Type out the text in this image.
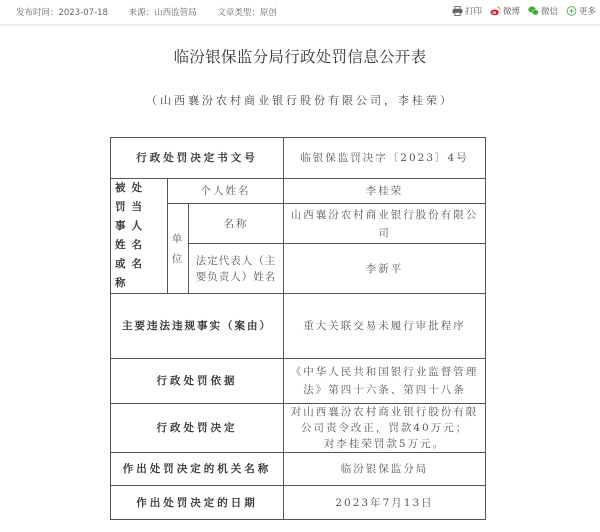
发布时间：2023-07-18 来源：山西监管局 文章类型：原创	打印 微博 微信 更多
临汾银保监分局行政处罚信息公开表
（山西襄汾农村商业银行股份有限公司，李桂荣）
行政处罚决定书文号			临银保监罚决字〔2023〕4号
被处罚当事人姓名或名称	个人姓名		李桂荣
	单位	名称	山西襄汾农村商业银行股份有限公司
		法定代表人（主要负责人）姓名	李新平
主要违法违规事实（案由）			重大关联交易未履行审批程序
行政处罚依据			《中华人民共和国银行业监督管理法》第四十六条、第四十八条
行政处罚决定			对山西襄汾农村商业银行股份有限公司责令改正，罚款40万元；
对李桂荣罚款5万元。

作出处罚决定的机关名称			临汾银保监分局
作出处罚决定的日期			2023年7月13日
